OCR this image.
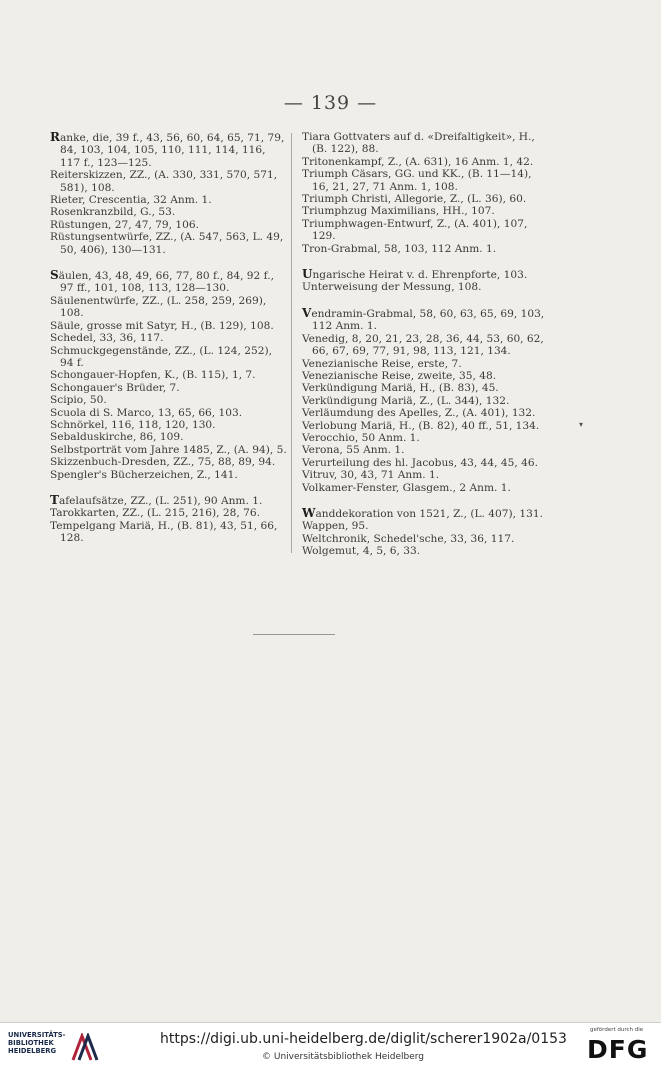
— 139 —

Ranke, die, 39 f., 43, 56, 60, 64, 65, 71, 79, 84, 103, 104, 105, 110, 111, 114, 116, 117 f., 123—125.

Reiterskizzen, ZZ., (A. 330, 331, 570, 571, 581), 108.

Rieter, Crescentia, 32 Anm. 1.

Rosenkranzbild, G., 53.

Rüstungen, 27, 47, 79, 106.

Rüstungsentwürfe, ZZ., (A. 547, 563, L. 49, 50, 406), 130—131.

Säulen, 43, 48, 49, 66, 77, 80 f., 84, 92 f., 97 ff., 101, 108, 113, 128—130.

Säulenentwürfe, ZZ., (L. 258, 259, 269), 108.

Säule, grosse mit Satyr, H., (B. 129), 108.

Schedel, 33, 36, 117.

Schmuckgegenstände, ZZ., (L. 124, 252), 94 f.

Schongauer-Hopfen, K., (B. 115), 1, 7.

Schongauer's Brüder, 7.

Scipio, 50.

Scuola di S. Marco, 13, 65, 66, 103.

Schnörkel, 116, 118, 120, 130.

Sebalduskirche, 86, 109.

Selbstporträt vom Jahre 1485, Z., (A. 94), 5.

Skizzenbuch-Dresden, ZZ., 75, 88, 89, 94.

Spengler's Bücherzeichen, Z., 141.

Tafelaufsätze, ZZ., (L. 251), 90 Anm. 1.

Tarokkarten, ZZ., (L. 215, 216), 28, 76.

Tempelgang Mariä, H., (B. 81), 43, 51, 66, 128.

Tiara Gottvaters auf d. «Dreifaltigkeit», H., (B. 122), 88.

Tritonenkampf, Z., (A. 631), 16 Anm. 1, 42.

Triumph Cäsars, GG. und KK., (B. 11—14), 16, 21, 27, 71 Anm. 1, 108.

Triumph Christi, Allegorie, Z., (L. 36), 60.

Triumphzug Maximilians, HH., 107.

Triumphwagen-Entwurf, Z., (A. 401), 107, 129.

Tron-Grabmal, 58, 103, 112 Anm. 1.

Ungarische Heirat v. d. Ehrenpforte, 103.

Unterweisung der Messung, 108.

Vendramin-Grabmal, 58, 60, 63, 65, 69, 103, 112 Anm. 1.

Venedig, 8, 20, 21, 23, 28, 36, 44, 53, 60, 62, 66, 67, 69, 77, 91, 98, 113, 121, 134.

Venezianische Reise, erste, 7.

Venezianische Reise, zweite, 35, 48.

Verkündigung Mariä, H., (B. 83), 45.

Verkündigung Mariä, Z., (L. 344), 132.

Verläumdung des Apelles, Z., (A. 401), 132.

Verlobung Mariä, H., (B. 82), 40 ff., 51, 134.

Verocchio, 50 Anm. 1.

Verona, 55 Anm. 1.

Verurteilung des hl. Jacobus, 43, 44, 45, 46.

Vitruv, 30, 43, 71 Anm. 1.

Volkamer-Fenster, Glasgem., 2 Anm. 1.

Wanddekoration von 1521, Z., (L. 407), 131.

Wappen, 95.

Weltchronik, Schedel'sche, 33, 36, 117.

Wolgemut, 4, 5, 6, 33.

▾
UNIVERSITÄTS-
BIBLIOTHEK
HEIDELBERG
https://digi.ub.uni-heidelberg.de/diglit/scherer1902a/0153
© Universitätsbibliothek Heidelberg
gefördert durch die
DFG
